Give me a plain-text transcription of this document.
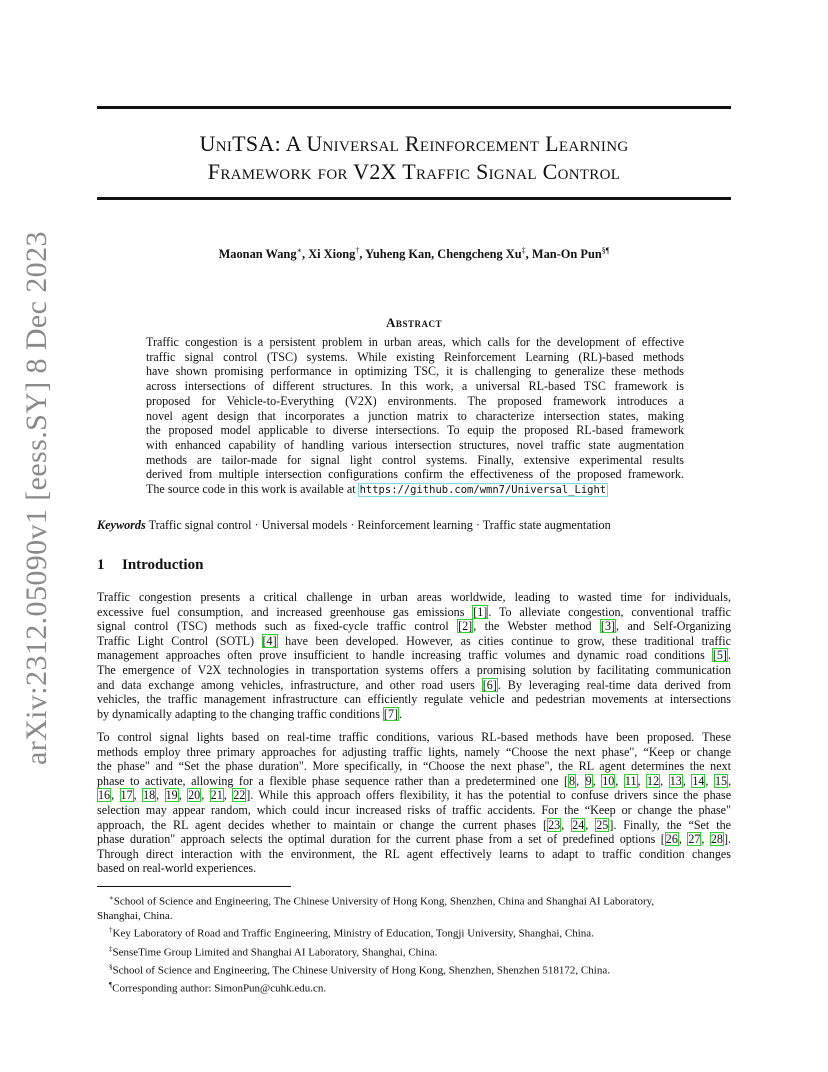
arXiv:2312.05090v1 [eess.SY] 8 Dec 2023
UniTSA: A Universal Reinforcement Learning
Framework for V2X Traffic Signal Control
Maonan Wang∗, Xi Xiong†, Yuheng Kan, Chengcheng Xu‡, Man-On Pun§¶
Abstract
Traffic congestion is a persistent problem in urban areas, which calls for the development of effective
traffic signal control (TSC) systems. While existing Reinforcement Learning (RL)-based methods
have shown promising performance in optimizing TSC, it is challenging to generalize these methods
across intersections of different structures. In this work, a universal RL-based TSC framework is
proposed for Vehicle-to-Everything (V2X) environments. The proposed framework introduces a
novel agent design that incorporates a junction matrix to characterize intersection states, making
the proposed model applicable to diverse intersections. To equip the proposed RL-based framework
with enhanced capability of handling various intersection structures, novel traffic state augmentation
methods are tailor-made for signal light control systems. Finally, extensive experimental results
derived from multiple intersection configurations confirm the effectiveness of the proposed framework.
The source code in this work is available at https://github.com/wmn7/Universal_Light
Keywords Traffic signal control · Universal models · Reinforcement learning · Traffic state augmentation
1 Introduction
Traffic congestion presents a critical challenge in urban areas worldwide, leading to wasted time for individuals,
excessive fuel consumption, and increased greenhouse gas emissions [1]. To alleviate congestion, conventional traffic
signal control (TSC) methods such as fixed-cycle traffic control [2], the Webster method [3], and Self-Organizing
Traffic Light Control (SOTL) [4] have been developed. However, as cities continue to grow, these traditional traffic
management approaches often prove insufficient to handle increasing traffic volumes and dynamic road conditions [5].
The emergence of V2X technologies in transportation systems offers a promising solution by facilitating communication
and data exchange among vehicles, infrastructure, and other road users [6]. By leveraging real-time data derived from
vehicles, the traffic management infrastructure can efficiently regulate vehicle and pedestrian movements at intersections
by dynamically adapting to the changing traffic conditions [7].
To control signal lights based on real-time traffic conditions, various RL-based methods have been proposed. These
methods employ three primary approaches for adjusting traffic lights, namely “Choose the next phase", “Keep or change
the phase" and “Set the phase duration". More specifically, in “Choose the next phase", the RL agent determines the next
phase to activate, allowing for a flexible phase sequence rather than a predetermined one [8, 9, 10, 11, 12, 13, 14, 15,
16, 17, 18, 19, 20, 21, 22]. While this approach offers flexibility, it has the potential to confuse drivers since the phase
selection may appear random, which could incur increased risks of traffic accidents. For the “Keep or change the phase"
approach, the RL agent decides whether to maintain or change the current phases [23, 24, 25]. Finally, the “Set the
phase duration" approach selects the optimal duration for the current phase from a set of predefined options [26, 27, 28].
Through direct interaction with the environment, the RL agent effectively learns to adapt to traffic condition changes
based on real-world experiences.
∗School of Science and Engineering, The Chinese University of Hong Kong, Shenzhen, China and Shanghai AI Laboratory,
Shanghai, China.
†Key Laboratory of Road and Traffic Engineering, Ministry of Education, Tongji University, Shanghai, China.
‡SenseTime Group Limited and Shanghai AI Laboratory, Shanghai, China.
§School of Science and Engineering, The Chinese University of Hong Kong, Shenzhen, Shenzhen 518172, China.
¶Corresponding author: SimonPun@cuhk.edu.cn.
